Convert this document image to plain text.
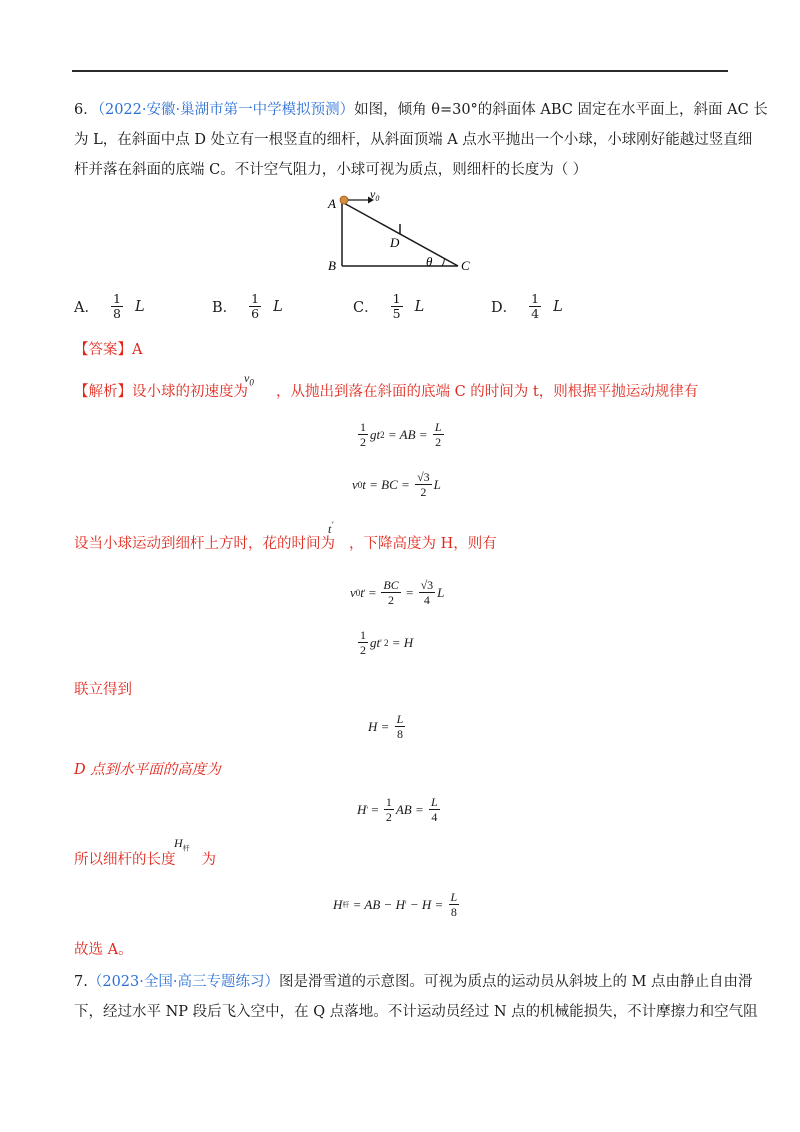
6．（2022·安徽·巢湖市第一中学模拟预测）如图，倾角 θ=30°的斜面体 ABC 固定在水平面上，斜面 AC 长
为 L，在斜面中点 D 处立有一根竖直的细杆，从斜面顶端 A 点水平抛出一个小球，小球刚好能越过竖直细
杆并落在斜面的底端 C。不计空气阻力，小球可视为质点，则细杆的长度为（ ）
A
B	C
D
θ
$v_0$
A． $\frac{1}{8}$ L	B． $\frac{1}{6}$ L	C． $\frac{1}{5}$ L	D． $\frac{1}{4}$ L
【答案】A
【解析】设小球的初速度为 ，从抛出到落在斜面的底端 C 的时间为 t，则根据平抛运动规律有
$v_0$
$\frac{1}{2}$ gt 2 = AB = $\frac{L}{2}$
v 0 t = BC = $\frac{√3}{2}$ L
设当小球运动到细杆上方时，花的时间为 ，下降高度为 H，则有
t'
v 0 t ' = $\frac{BC}{2} = \frac{√3}{4}$ L
$\frac{1}{2}$ gt ' 2 = H
联立得到
$H = \frac{L}{8}$
D 点到水平面的高度为
H ' = $\frac{1}{2}$ AB = $\frac{L}{4}$
所以细杆的长度 为
$H_杆$
H 杆 = AB − H ' − $H = \frac{L}{8}$
故选 A。
7.（2023·全国·高三专题练习）图是滑雪道的示意图。可视为质点的运动员从斜坡上的 M 点由静止自由滑
下，经过水平 NP 段后飞入空中，在 Q 点落地。不计运动员经过 N 点的机械能损失，不计摩擦力和空气阻
